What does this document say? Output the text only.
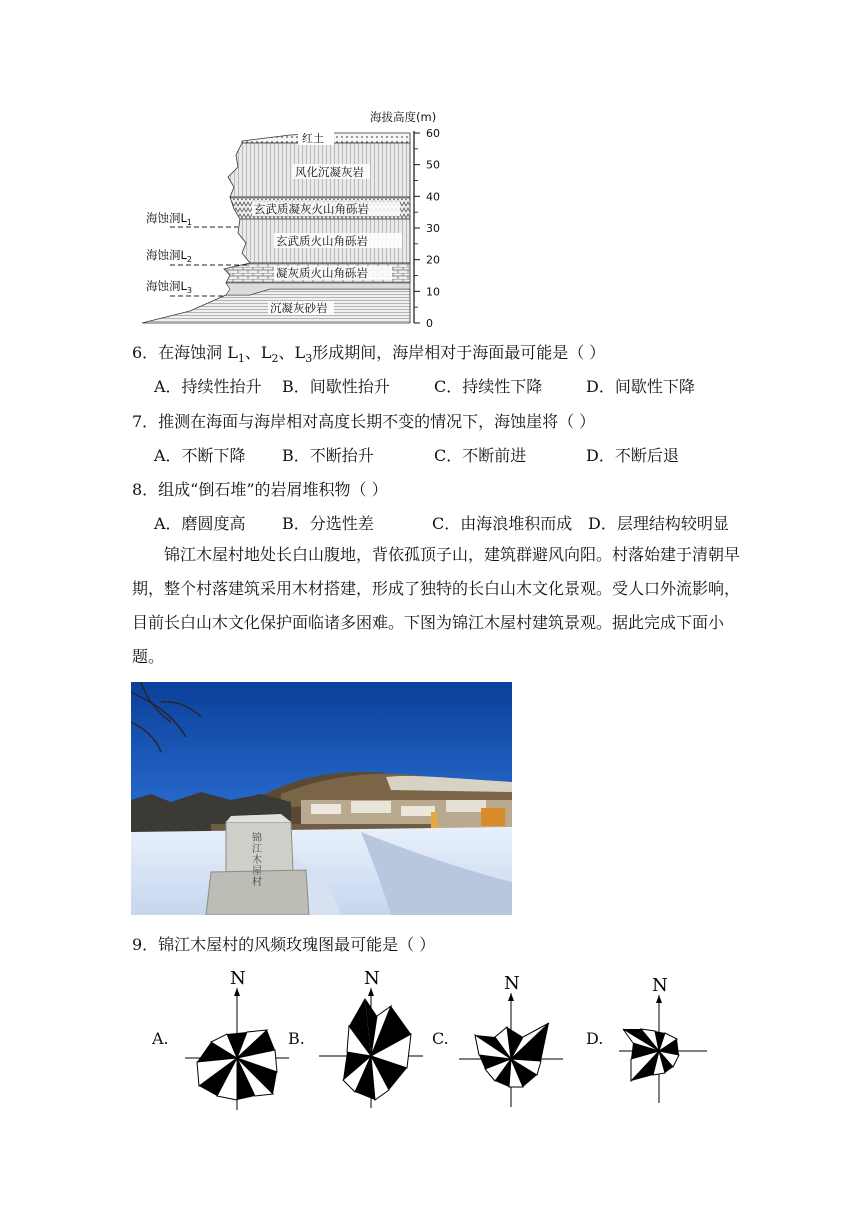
海拔高度(m)
红土
风化沉凝灰岩
玄武质凝灰火山角砾岩
玄武质火山角砾岩
凝灰质火山角砾岩
沉凝灰砂岩
海蚀洞$L_1$
海蚀洞$L_2$
海蚀洞$L_3$
60
50
40
30
20
10
0
6．在海蚀洞 $L_1$、$L_2$、$L_3$形成期间，海岸相对于海面最可能是（ ）
A．持续性抬升 B．间歇性抬升	C．持续性下降	D．间歇性下降
7．推测在海面与海岸相对高度长期不变的情况下，海蚀崖将（ ）
A．不断下降 B．不断抬升	C．不断前进	D．不断后退
8．组成“倒石堆”的岩屑堆积物（ ）
A．磨圆度高 B．分选性差	C．由海浪堆积而成 D．层理结构较明显
锦江木屋村地处长白山腹地，背依孤顶子山，建筑群避风向阳。村落始建于清朝早期，整个村落建筑采用木材搭建，形成了独特的长白山木文化景观。受人口外流影响，目前长白山木文化保护面临诸多困难。下图为锦江木屋村建筑景观。据此完成下面小题。
锦江木屋村
9．锦江木屋村的风频玫瑰图最可能是（ ）
A.
N
B.
N
C.
N
D.
N
